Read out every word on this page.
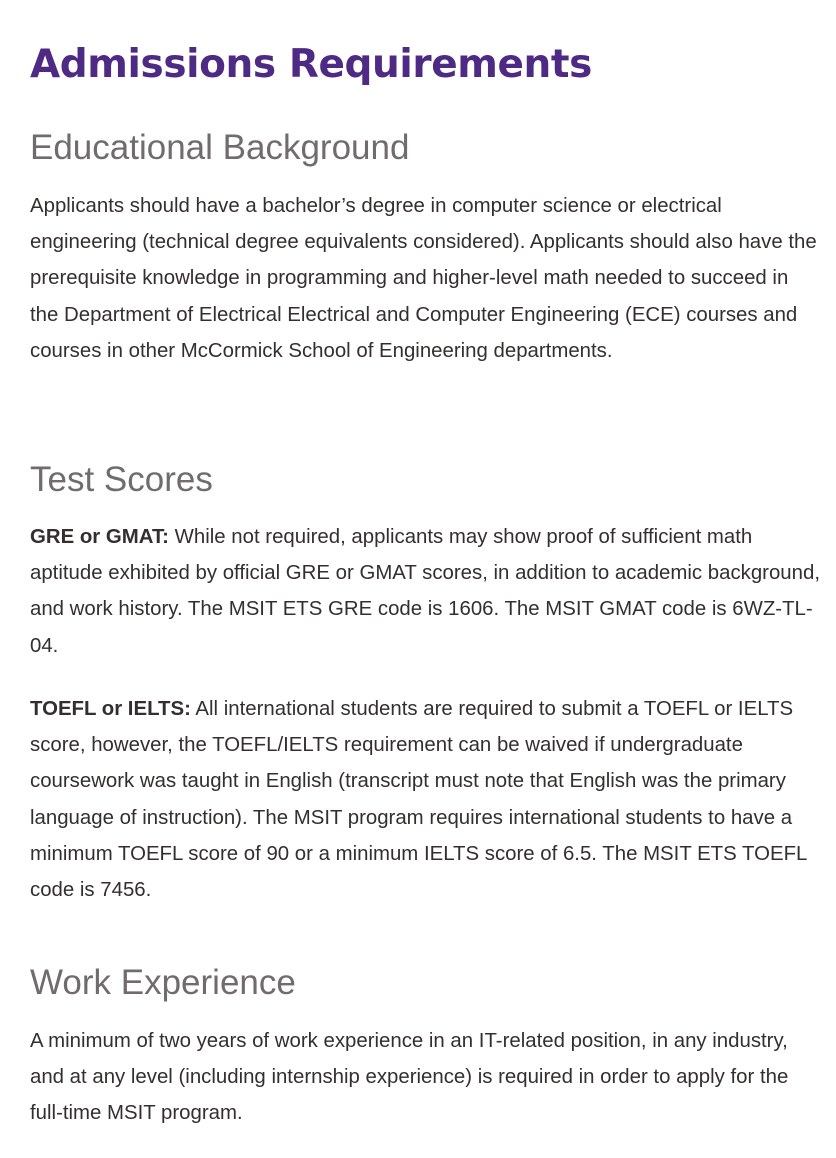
Admissions Requirements
Educational Background

Applicants should have a bachelor’s degree in computer science or electrical engineering (technical degree equivalents considered). Applicants should also have the prerequisite knowledge in programming and higher-level math needed to succeed in the Department of Electrical Electrical and Computer Engineering (ECE) courses and courses in other McCormick School of Engineering departments.

Test Scores

GRE or GMAT: While not required, applicants may show proof of sufficient math aptitude exhibited by official GRE or GMAT scores, in addition to academic background, and work history. The MSIT ETS GRE code is 1606. The MSIT GMAT code is 6WZ-TL-04.

TOEFL or IELTS: All international students are required to submit a TOEFL or IELTS score, however, the TOEFL/IELTS requirement can be waived if undergraduate coursework was taught in English (transcript must note that English was the primary language of instruction). The MSIT program requires international students to have a minimum TOEFL score of 90 or a minimum IELTS score of 6.5. The MSIT ETS TOEFL code is 7456.

Work Experience

A minimum of two years of work experience in an IT-related position, in any industry, and at any level (including internship experience) is required in order to apply for the full-time MSIT program.
